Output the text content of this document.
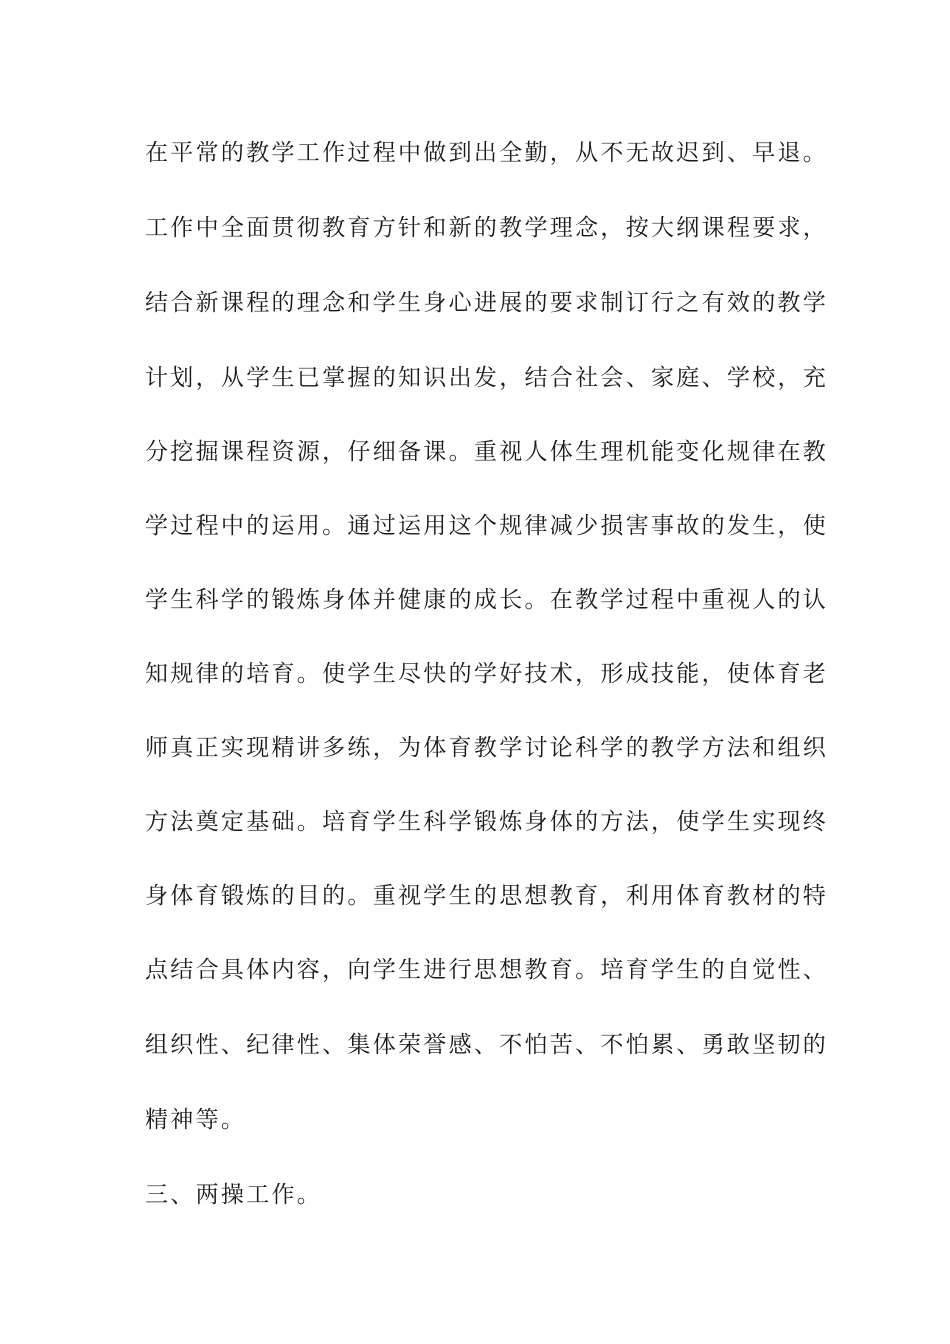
在平常的教学工作过程中做到出全勤，从不无故迟到、早退。
工作中全面贯彻教育方针和新的教学理念，按大纲课程要求，
结合新课程的理念和学生身心进展的要求制订行之有效的教学
计划，从学生已掌握的知识出发，结合社会、家庭、学校，充
分挖掘课程资源，仔细备课。重视人体生理机能变化规律在教
学过程中的运用。通过运用这个规律减少损害事故的发生，使
学生科学的锻炼身体并健康的成长。在教学过程中重视人的认
知规律的培育。使学生尽快的学好技术，形成技能，使体育老
师真正实现精讲多练，为体育教学讨论科学的教学方法和组织
方法奠定基础。培育学生科学锻炼身体的方法，使学生实现终
身体育锻炼的目的。重视学生的思想教育，利用体育教材的特
点结合具体内容，向学生进行思想教育。培育学生的自觉性、
组织性、纪律性、集体荣誉感、不怕苦、不怕累、勇敢坚韧的
精神等。
三、两操工作。
